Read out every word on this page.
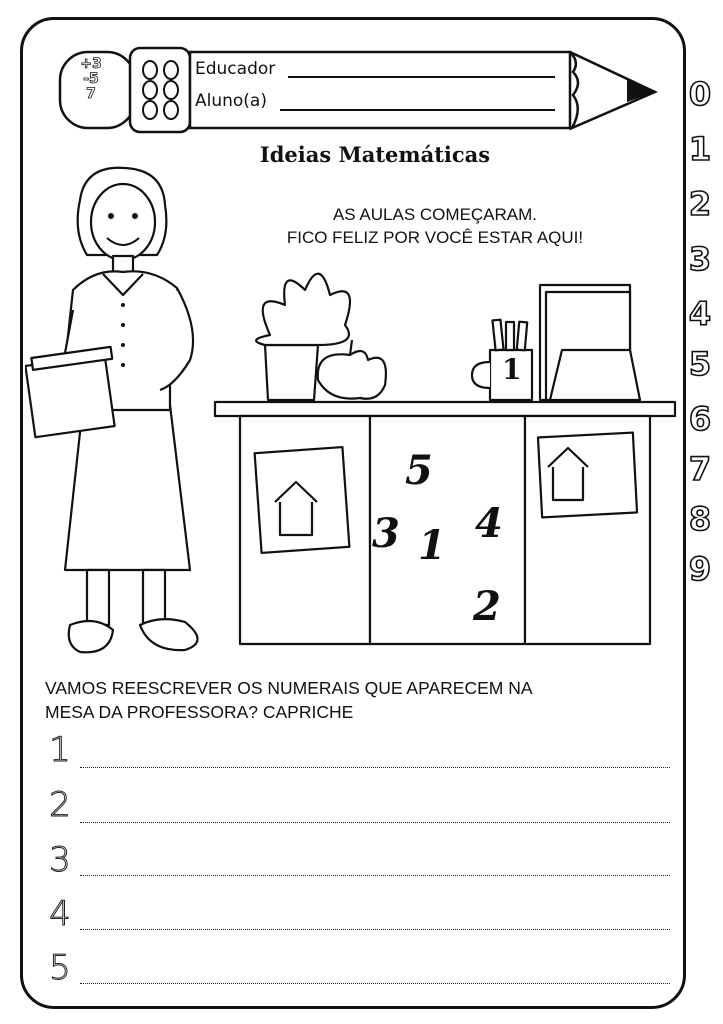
+3
-5
7
Educador
Aluno(a)
Ideias Matemáticas
AS AULAS COMEÇARAM.
FICO FELIZ POR VOCÊ ESTAR AQUI!
1
5
3 1 4
2
0
1
2
3
4
5
6
7
8
9
VAMOS REESCREVER OS NUMERAIS QUE APARECEM NA
MESA DA PROFESSORA? CAPRICHE
1
2
3
4
5
